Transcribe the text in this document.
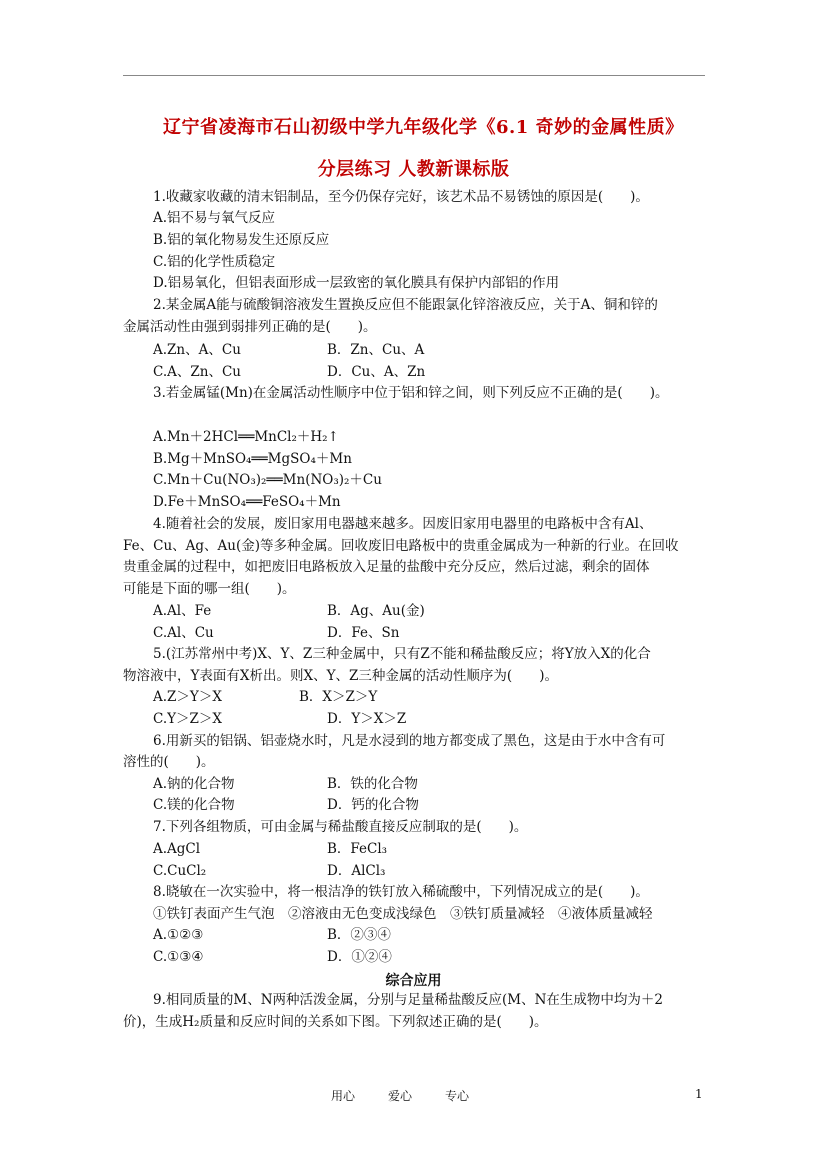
辽宁省凌海市石山初级中学九年级化学《6.1 奇妙的金属性质》
分层练习 人教新课标版
1.收藏家收藏的清末铝制品，至今仍保存完好，该艺术品不易锈蚀的原因是(　　)。
A.铝不易与氧气反应
B.铝的氧化物易发生还原反应
C.铝的化学性质稳定
D.铝易氧化，但铝表面形成一层致密的氧化膜具有保护内部铝的作用
2.某金属A能与硫酸铜溶液发生置换反应但不能跟氯化锌溶液反应，关于A、铜和锌的
金属活动性由强到弱排列正确的是(　　)。
A.Zn、A、Cu	B．Zn、Cu、A
C.A、Zn、Cu	D．Cu、A、Zn
3.若金属锰(Mn)在金属活动性顺序中位于铝和锌之间，则下列反应不正确的是(　　)。
A.Mn＋2HCl══MnCl₂＋H₂↑
B.Mg＋MnSO₄══MgSO₄＋Mn
C.Mn＋Cu(NO₃)₂══Mn(NO₃)₂＋Cu
D.Fe＋MnSO₄══FeSO₄＋Mn
4.随着社会的发展，废旧家用电器越来越多。因废旧家用电器里的电路板中含有Al、
Fe、Cu、Ag、Au(金)等多种金属。回收废旧电路板中的贵重金属成为一种新的行业。在回收
贵重金属的过程中，如把废旧电路板放入足量的盐酸中充分反应，然后过滤，剩余的固体
可能是下面的哪一组(　　)。
A.Al、Fe	B．Ag、Au(金)
C.Al、Cu	D．Fe、Sn
5.(江苏常州中考)X、Y、Z三种金属中，只有Z不能和稀盐酸反应；将Y放入X的化合
物溶液中，Y表面有X析出。则X、Y、Z三种金属的活动性顺序为(　　)。
A.Z＞Y＞X	B．X＞Z＞Y
C.Y＞Z＞X	D．Y＞X＞Z
6.用新买的铝锅、铝壶烧水时，凡是水浸到的地方都变成了黑色，这是由于水中含有可
溶性的(　　)。
A.钠的化合物	B．铁的化合物
C.镁的化合物	D．钙的化合物
7.下列各组物质，可由金属与稀盐酸直接反应制取的是(　　)。
A.AgCl	B．FeCl₃
C.CuCl₂	D．AlCl₃
8.晓敏在一次实验中，将一根洁净的铁钉放入稀硫酸中，下列情况成立的是(　　)。
①铁钉表面产生气泡　②溶液由无色变成浅绿色　③铁钉质量减轻　④液体质量减轻
A.①②③	B．②③④
C.①③④	D．①②④
综合应用
9.相同质量的M、N两种活泼金属，分别与足量稀盐酸反应(M、N在生成物中均为＋2
价)，生成H₂质量和反应时间的关系如下图。下列叙述正确的是(　　)。
用心	爱心	专心	1
